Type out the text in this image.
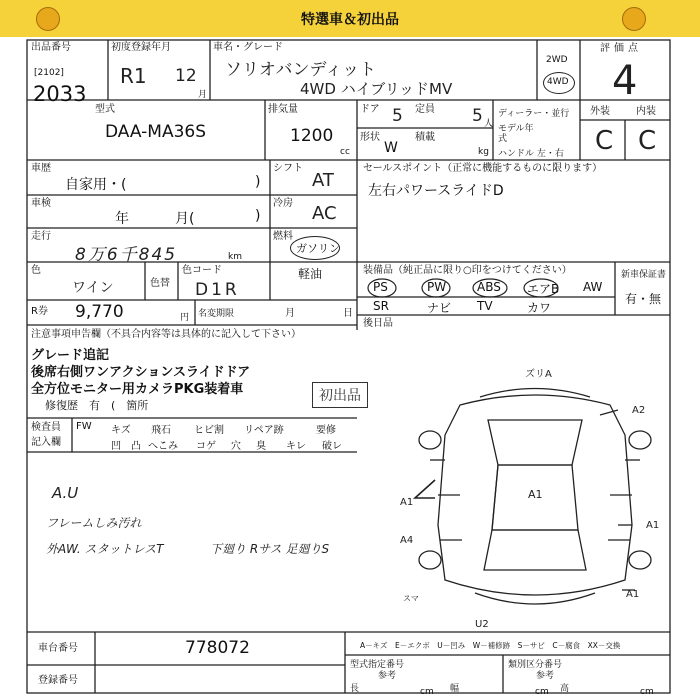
特選車＆初出品
出品番号
[2102]
2033
初度登録年月
R1 12
月
車名・グレード
ソリオバンディット
4WD ハイブリッドMV
2WD
4WD
評価点
4
外装	内装
C C
型式
DAA-MA36S
排気量
1200
cc
ドア 5 定員 5 人
形状
W
積載
kg
ディーラー・並行
モデル年式
ハンドル 左・右
車歴
自家用・(	)
シフト
AT
車検
年	月(	)
冷房 AC
走行
8万6千845	km
燃料
ガソリン
軽油
色
ワイン	色替
色コード
D1R
R券 9,770	円 名変期限	月	日
セールスポイント（正常に機能するものに限ります）
左右パワースライドD
装備品（純正品に限り○印をつけてください）
PS	PW	ABS エアB AW
SR	ナビ TV	カワ
新車保証書
有・無
後日品
注意事項申告欄（不具合内容等は具体的に記入して下さい）
グレード追記
後席右側ワンアクションスライドドア
全方位モニター用カメラPKG装着車
修復歴　有　(　箇所
初出品
検査員
記入欄
FW キズ 飛石 ヒビ割 リペア跡	要修
凹 凸 へこみ コゲ 穴 臭 キレ 破レ
A.U
フレームしみ汚れ
外AW. スタットレスT	下廻り Rサス 足廻りS
ズリA
A2
A1
A1
A4
A1
A1
U2
スマ
A－キズ　E－エクボ　U－凹み　W－補修跡　S－サビ　C－腐食　XX－交換
車台番号	778072
登録番号
型式指定番号
参考
類別区分番号
参考
長	幅	高
cm	cm	cm
